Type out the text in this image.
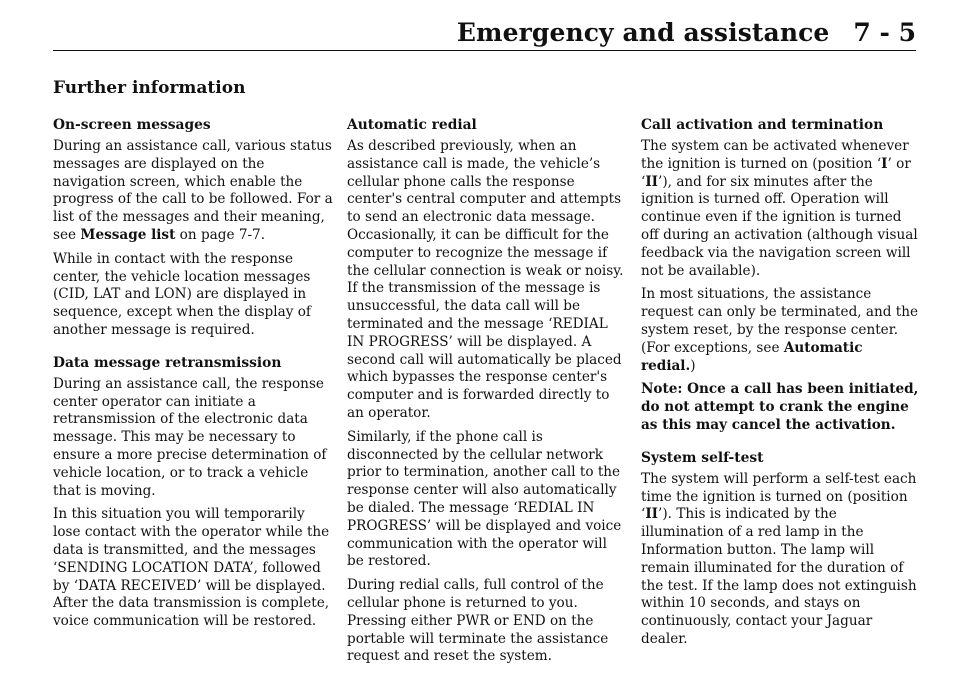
Emergency and assistance 7 - 5
Further information
On-screen messages

During an assistance call, various status messages are displayed on the navigation screen, which enable the progress of the call to be followed. For a list of the messages and their meaning, see Message list on page 7-7.

While in contact with the response center, the vehicle location messages (CID, LAT and LON) are displayed in sequence, except when the display of another message is required.

Data message retransmission

During an assistance call, the response center operator can initiate a retransmission of the electronic data message. This may be necessary to ensure a more precise determination of vehicle location, or to track a vehicle that is moving.

In this situation you will temporarily lose contact with the operator while the data is transmitted, and the messages ‘SENDING LOCATION DATA’, followed by ‘DATA RECEIVED’ will be displayed. After the data transmission is complete, voice communication will be restored.

Automatic redial

As described previously, when an assistance call is made, the vehicle’s cellular phone calls the response center's central computer and attempts to send an electronic data message. Occasionally, it can be difficult for the computer to recognize the message if the cellular connection is weak or noisy. If the transmission of the message is unsuccessful, the data call will be terminated and the message ‘REDIAL IN PROGRESS’ will be displayed. A second call will automatically be placed which bypasses the response center's computer and is forwarded directly to an operator.

Similarly, if the phone call is disconnected by the cellular network prior to termination, another call to the response center will also automatically be dialed. The message ‘REDIAL IN PROGRESS’ will be displayed and voice communication with the operator will be restored.

During redial calls, full control of the cellular phone is returned to you. Pressing either PWR or END on the portable will terminate the assistance request and reset the system.

Call activation and termination

The system can be activated whenever the ignition is turned on (position ‘I’ or ‘II’), and for six minutes after the ignition is turned off. Operation will continue even if the ignition is turned off during an activation (although visual feedback via the navigation screen will not be available).

In most situations, the assistance request can only be terminated, and the system reset, by the response center. (For exceptions, see Automatic redial.)

Note: Once a call has been initiated, do not attempt to crank the engine as this may cancel the activation.

System self-test

The system will perform a self-test each time the ignition is turned on (position ‘II’). This is indicated by the illumination of a red lamp in the Information button. The lamp will remain illuminated for the duration of the test. If the lamp does not extinguish within 10 seconds, and stays on continuously, contact your Jaguar dealer.
